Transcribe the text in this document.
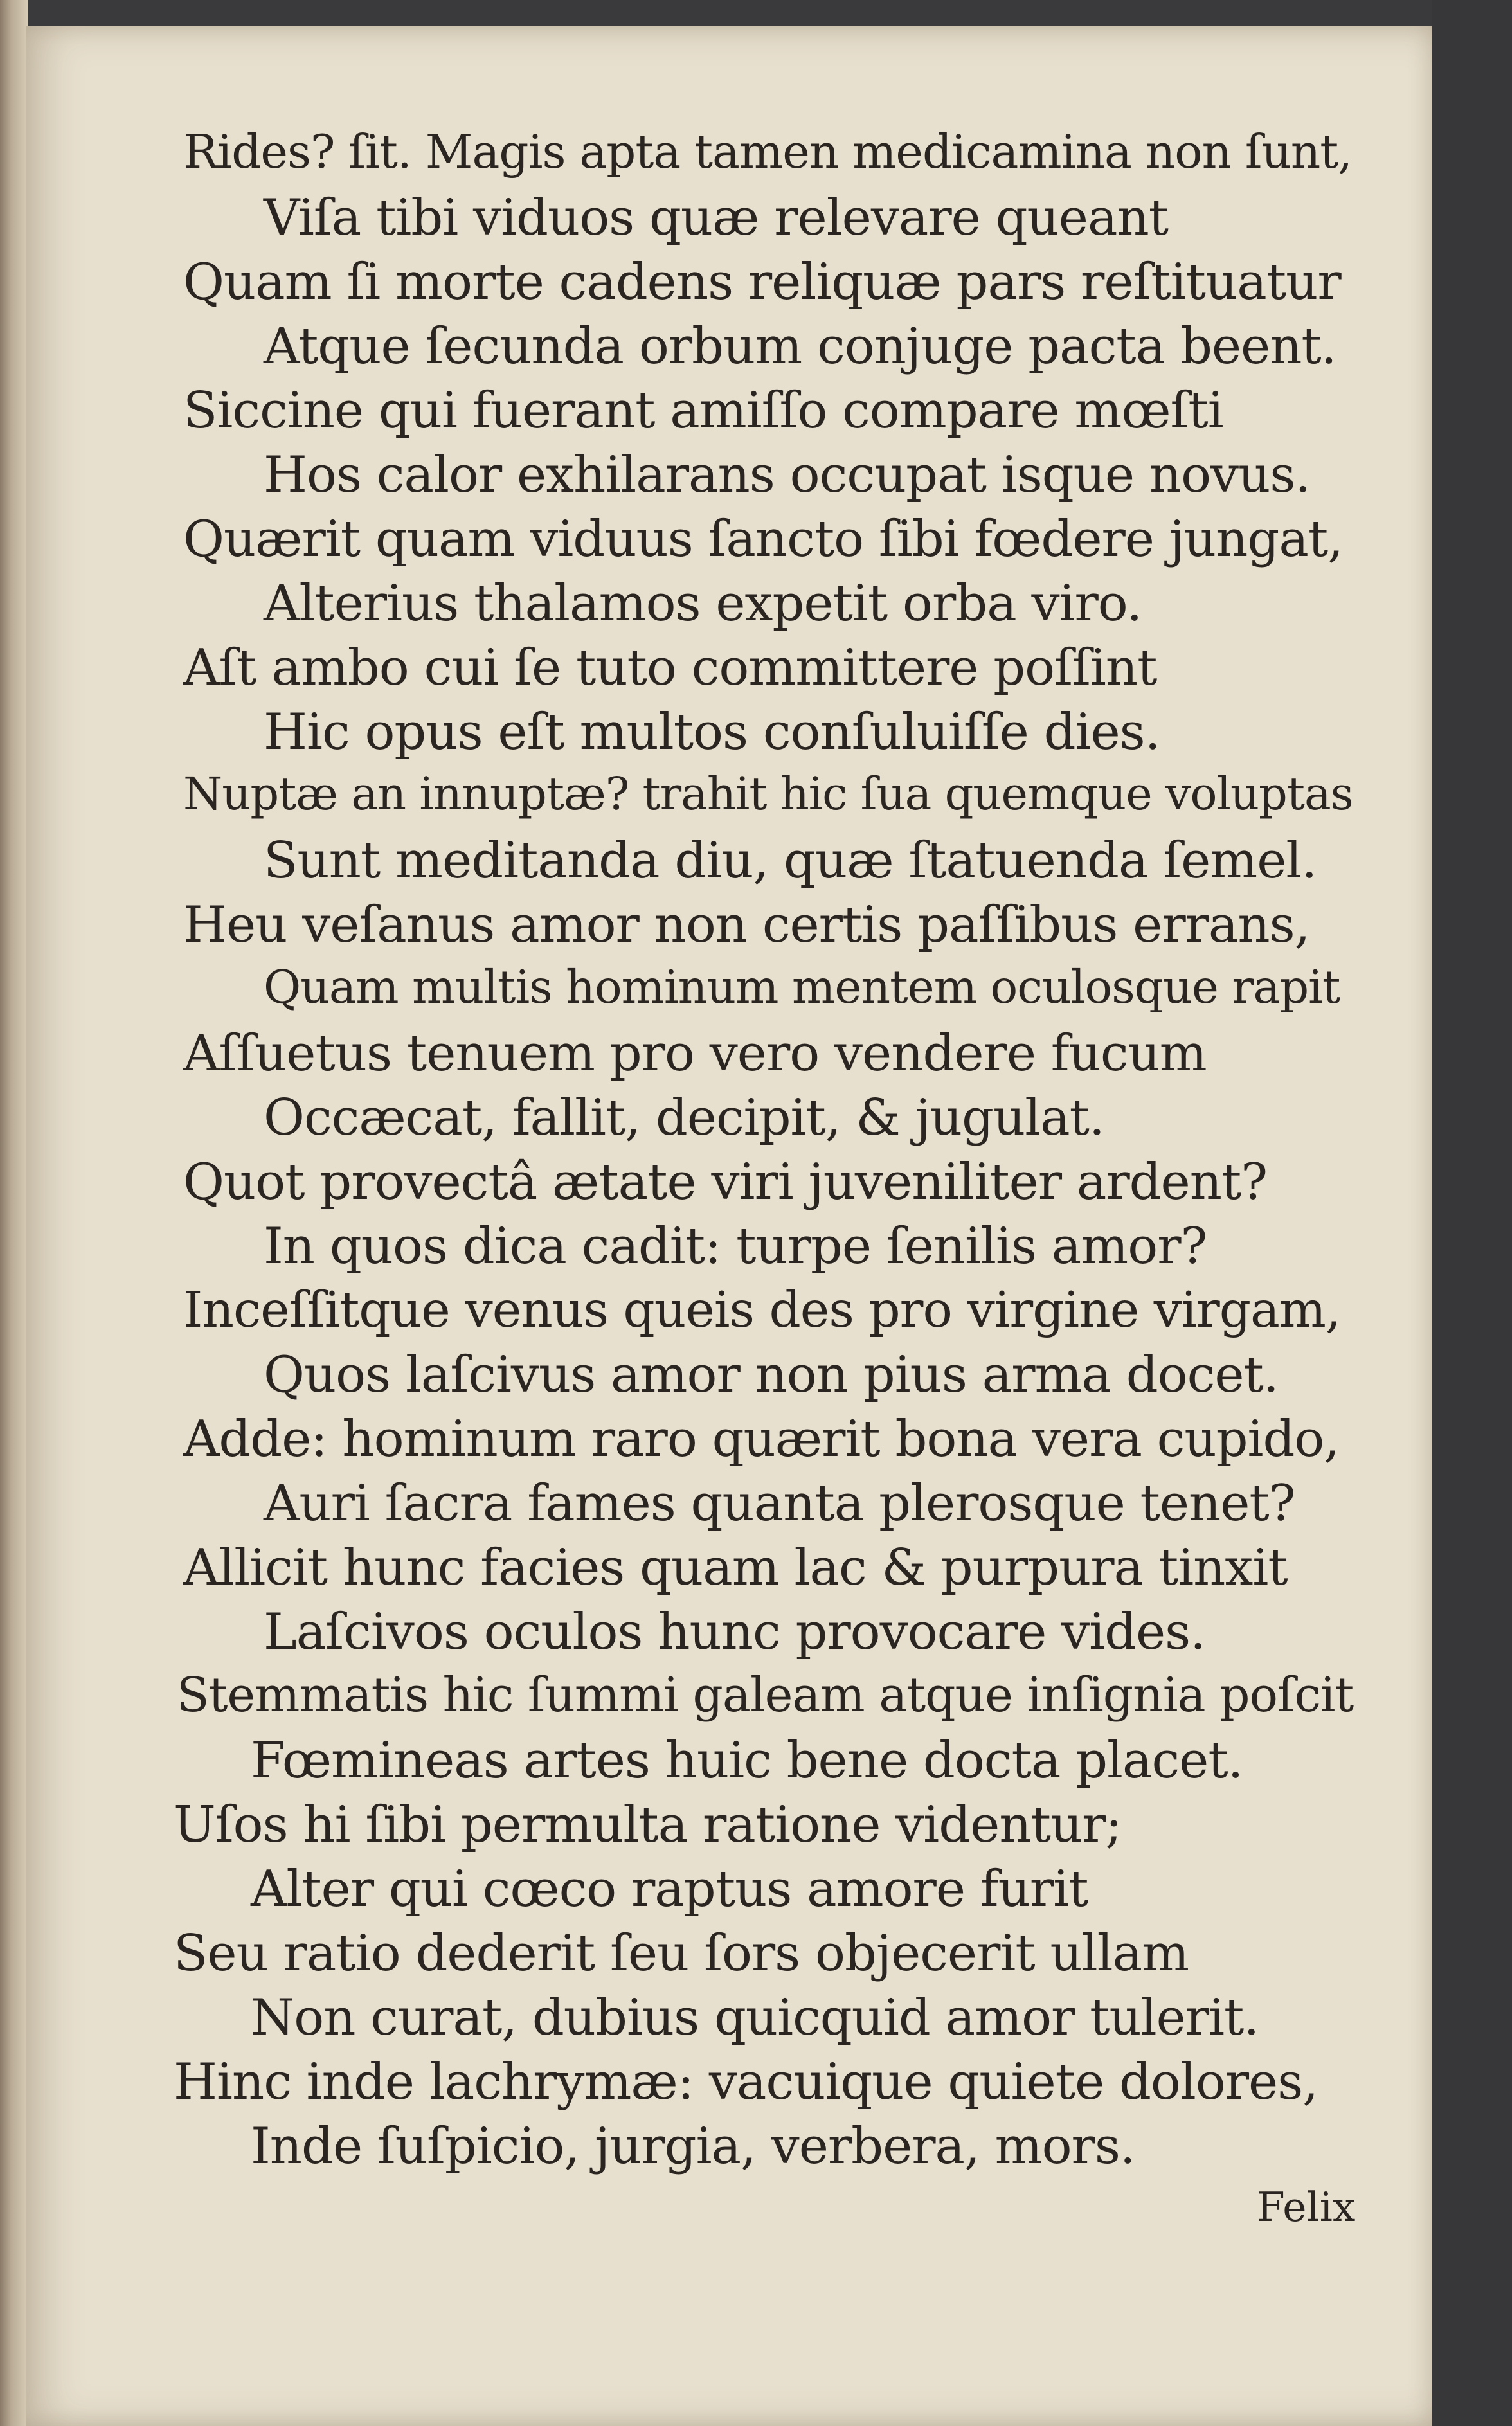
Rides? ſit. Magis apta tamen medicamina non ſunt,
Viſa tibi viduos quæ relevare queant
Quam ſi morte cadens reliquæ pars reſtituatur
Atque ſecunda orbum conjuge pacta beent.
Siccine qui fuerant amiſſo compare mœſti
Hos calor exhilarans occupat isque novus.
Quærit quam viduus ſancto ſibi fœdere jungat,
Alterius thalamos expetit orba viro.
Aſt ambo cui ſe tuto committere poſſint
Hic opus eſt multos conſuluiſſe dies.
Nuptæ an innuptæ? trahit hic ſua quemque voluptas
Sunt meditanda diu, quæ ſtatuenda ſemel.
Heu veſanus amor non certis paſſibus errans,
Quam multis hominum mentem oculosque rapit
Aſſuetus tenuem pro vero vendere fucum
Occæcat, fallit, decipit, & jugulat.
Quot provectâ ætate viri juveniliter ardent?
In quos dica cadit: turpe ſenilis amor?
Inceſſitque venus queis des pro virgine virgam,
Quos laſcivus amor non pius arma docet.
Adde: hominum raro quærit bona vera cupido,
Auri ſacra fames quanta plerosque tenet?
Allicit hunc facies quam lac & purpura tinxit
Laſcivos oculos hunc provocare vides.
Stemmatis hic ſummi galeam atque inſignia poſcit
Fœmineas artes huic bene docta placet.
Uſos hi ſibi permulta ratione videntur;
Alter qui cœco raptus amore furit
Seu ratio dederit ſeu ſors objecerit ullam
Non curat, dubius quicquid amor tulerit.
Hinc inde lachrymæ: vacuique quiete dolores,
Inde ſuſpicio, jurgia, verbera, mors.
Felix
